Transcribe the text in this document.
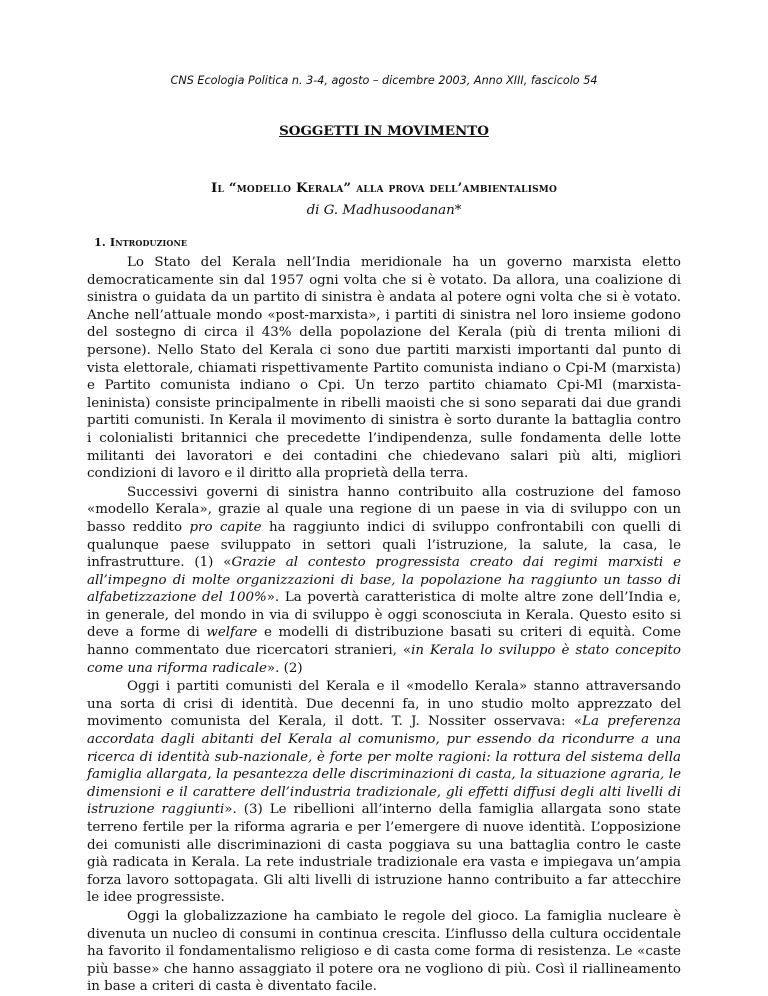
CNS Ecologia Politica n. 3-4, agosto – dicembre 2003, Anno XIII, fascicolo 54
SOGGETTI IN MOVIMENTO
Il “modello Kerala” alla prova dell’ambientalismo
di G. Madhusoodanan*
1. Introduzione

Lo Stato del Kerala nell’India meridionale ha un governo marxista eletto democraticamente sin dal 1957 ogni volta che si è votato. Da allora, una coalizione di sinistra o guidata da un partito di sinistra è andata al potere ogni volta che si è votato. Anche nell’attuale mondo «post-marxista», i partiti di sinistra nel loro insieme godono del sostegno di circa il 43% della popolazione del Kerala (più di trenta milioni di persone). Nello Stato del Kerala ci sono due partiti marxisti importanti dal punto di vista elettorale, chiamati rispettivamente Partito comunista indiano o Cpi-M (marxista) e Partito comunista indiano o Cpi. Un terzo partito chiamato Cpi-Ml (marxista-leninista) consiste principalmente in ribelli maoisti che si sono separati dai due grandi partiti comunisti. In Kerala il movimento di sinistra è sorto durante la battaglia contro i colonialisti britannici che precedette l’indipendenza, sulle fondamenta delle lotte militanti dei lavoratori e dei contadini che chiedevano salari più alti, migliori condizioni di lavoro e il diritto alla proprietà della terra.

Successivi governi di sinistra hanno contribuito alla costruzione del famoso «modello Kerala», grazie al quale una regione di un paese in via di sviluppo con un basso reddito pro capite ha raggiunto indici di sviluppo confrontabili con quelli di qualunque paese sviluppato in settori quali l’istruzione, la salute, la casa, le infrastrutture. (1) «Grazie al contesto progressista creato dai regimi marxisti e all’impegno di molte organizzazioni di base, la popolazione ha raggiunto un tasso di alfabetizzazione del 100%». La povertà caratteristica di molte altre zone dell’India e, in generale, del mondo in via di sviluppo è oggi sconosciuta in Kerala. Questo esito si deve a forme di welfare e modelli di distribuzione basati su criteri di equità. Come hanno commentato due ricercatori stranieri, «in Kerala lo sviluppo è stato concepito come una riforma radicale». (2)

Oggi i partiti comunisti del Kerala e il «modello Kerala» stanno attraversando una sorta di crisi di identità. Due decenni fa, in uno studio molto apprezzato del movimento comunista del Kerala, il dott. T. J. Nossiter osservava: «La preferenza accordata dagli abitanti del Kerala al comunismo, pur essendo da ricondurre a una ricerca di identità sub-nazionale, è forte per molte ragioni: la rottura del sistema della famiglia allargata, la pesantezza delle discriminazioni di casta, la situazione agraria, le dimensioni e il carattere dell’industria tradizionale, gli effetti diffusi degli alti livelli di istruzione raggiunti». (3) Le ribellioni all’interno della famiglia allargata sono state terreno fertile per la riforma agraria e per l’emergere di nuove identità. L’opposizione dei comunisti alle discriminazioni di casta poggiava su una battaglia contro le caste già radicata in Kerala. La rete industriale tradizionale era vasta e impiegava un’ampia forza lavoro sottopagata. Gli alti livelli di istruzione hanno contribuito a far attecchire le idee progressiste.

Oggi la globalizzazione ha cambiato le regole del gioco. La famiglia nucleare è divenuta un nucleo di consumi in continua crescita. L’influsso della cultura occidentale ha favorito il fondamentalismo religioso e di casta come forma di resistenza. Le «caste più basse» che hanno assaggiato il potere ora ne vogliono di più. Così il riallineamento in base a criteri di casta è diventato facile.
